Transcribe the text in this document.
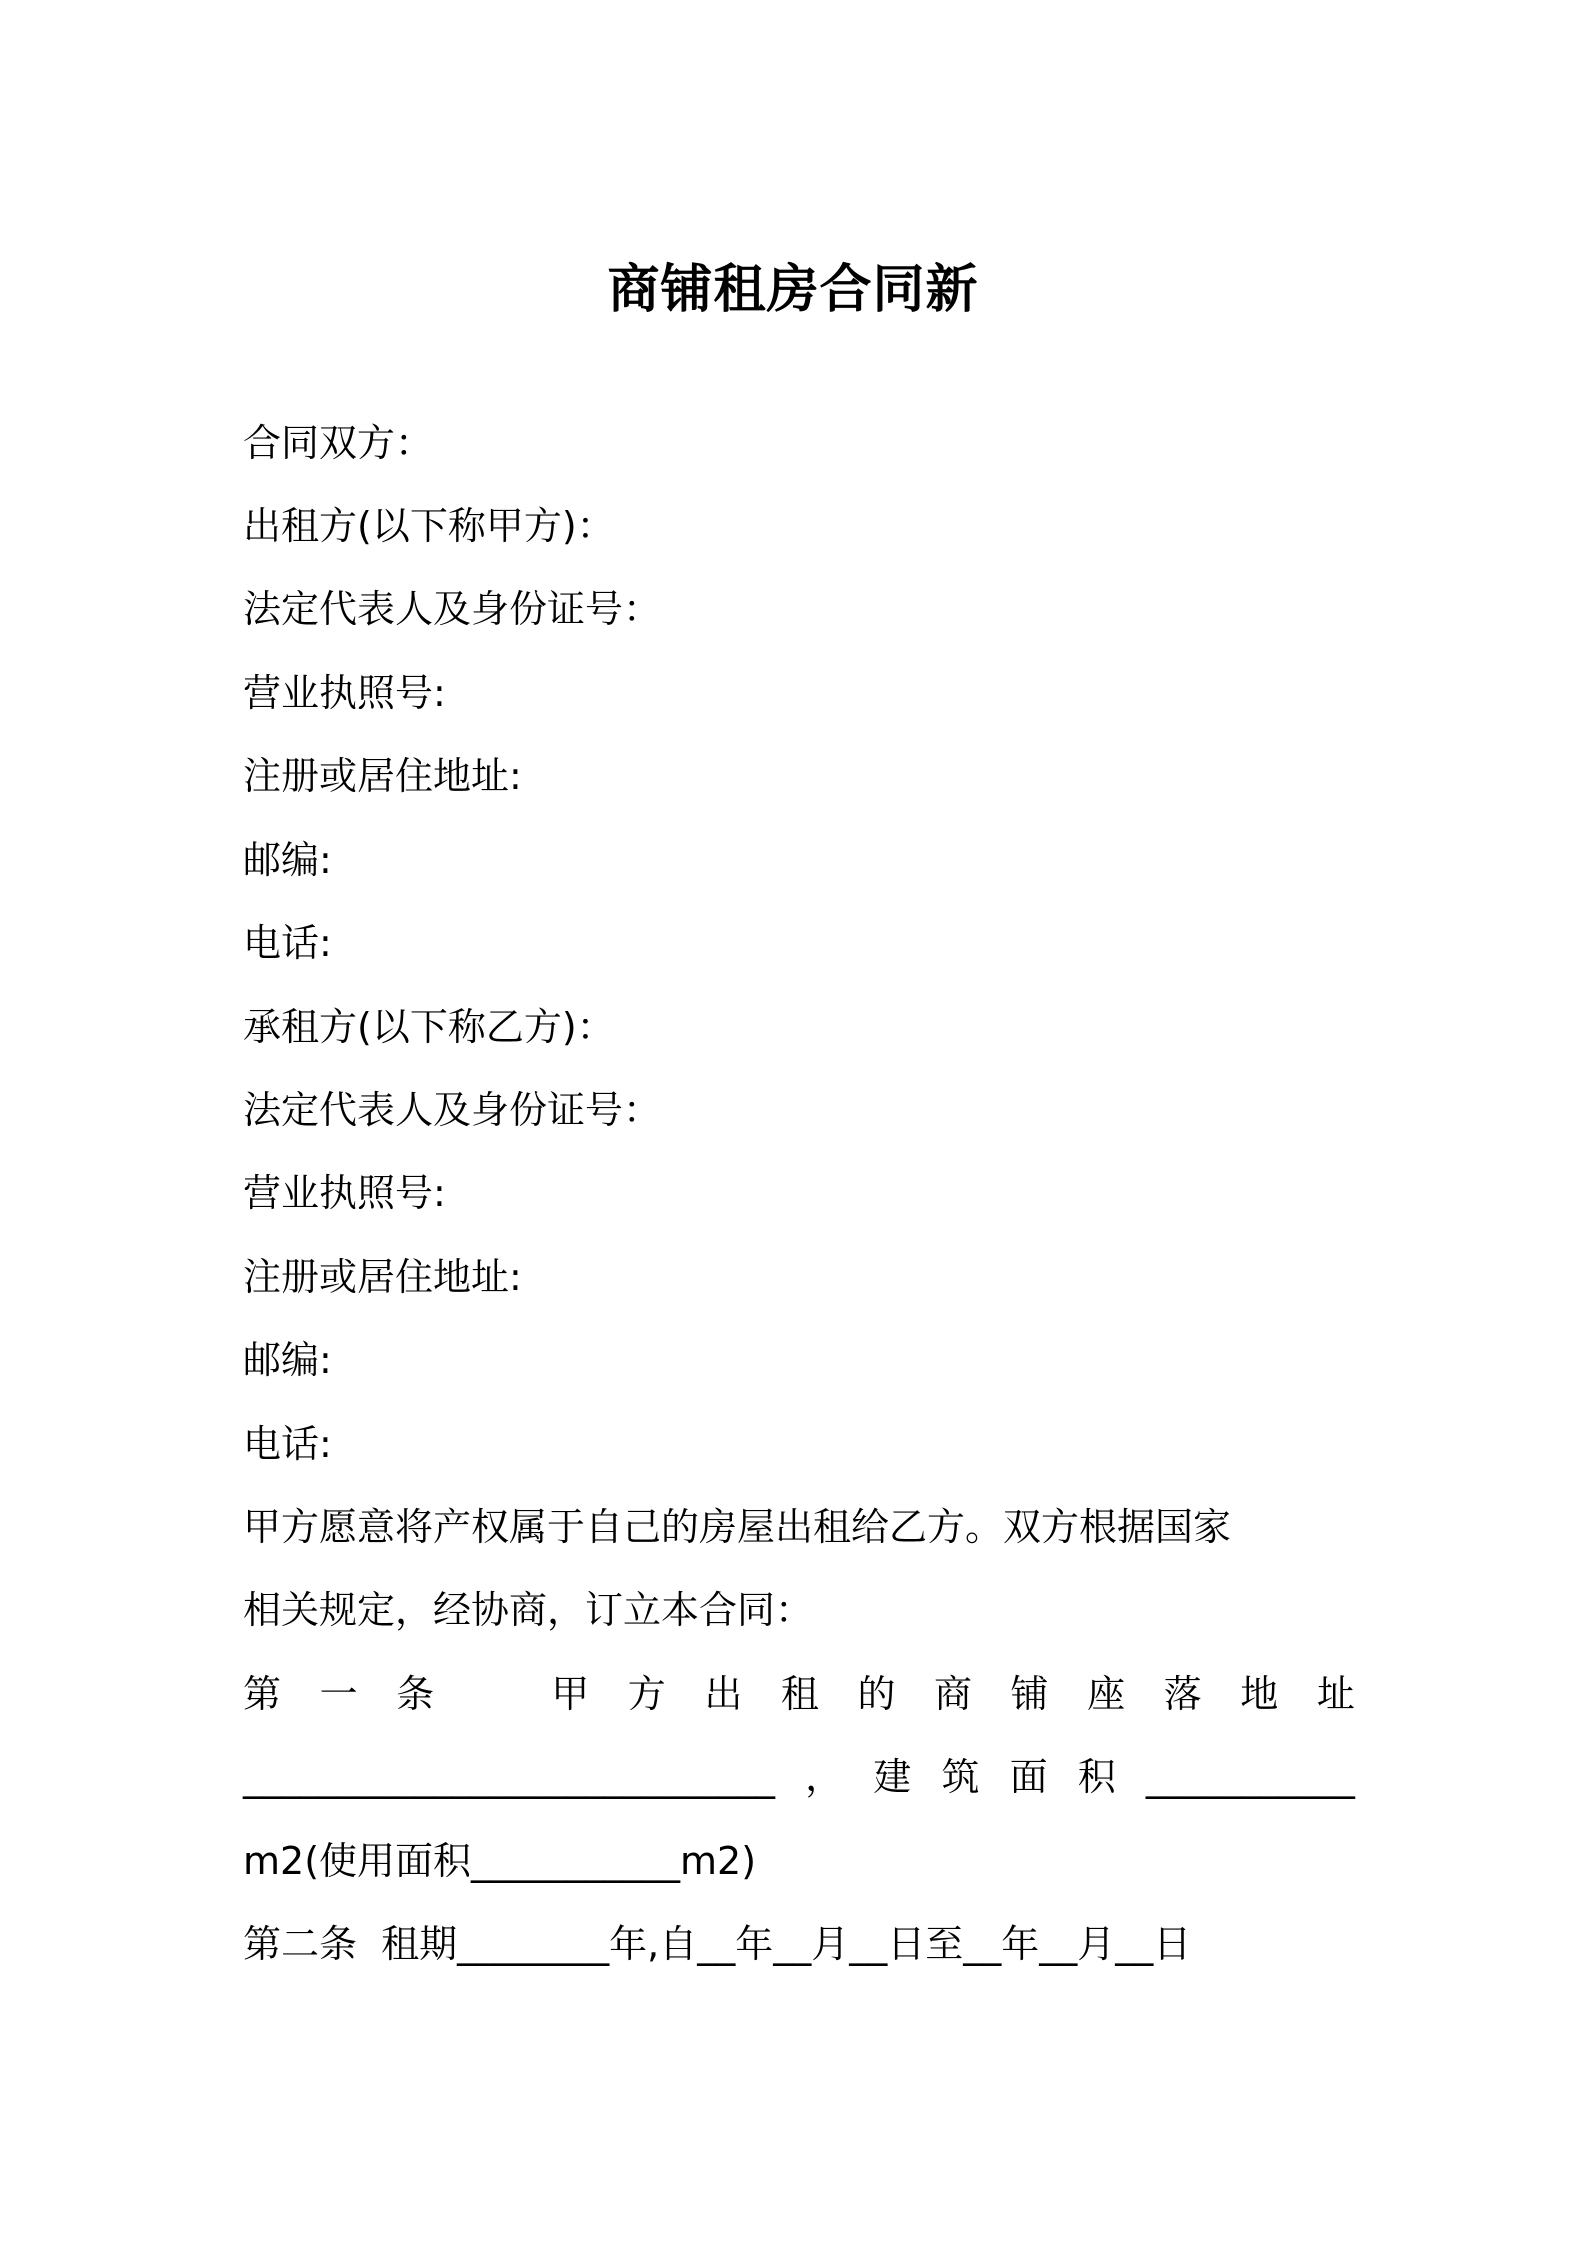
商铺租房合同新
合同双方：
出租方(以下称甲方)：
法定代表人及身份证号：
营业执照号:
注册或居住地址:
邮编:
电话:
承租方(以下称乙方)：
法定代表人及身份证号：
营业执照号:
注册或居住地址:
邮编:
电话:
甲方愿意将产权属于自己的房屋出租给乙方。双方根据国家
相关规定，经协商，订立本合同：
第 一 条	甲 方 出 租 的 商 铺 座 落 地 址
____________________________ ， 建 筑 面 积 ___________
m2(使用面积___________m2)
第二条  租期________年,自__年__月__日至__年__月__日
